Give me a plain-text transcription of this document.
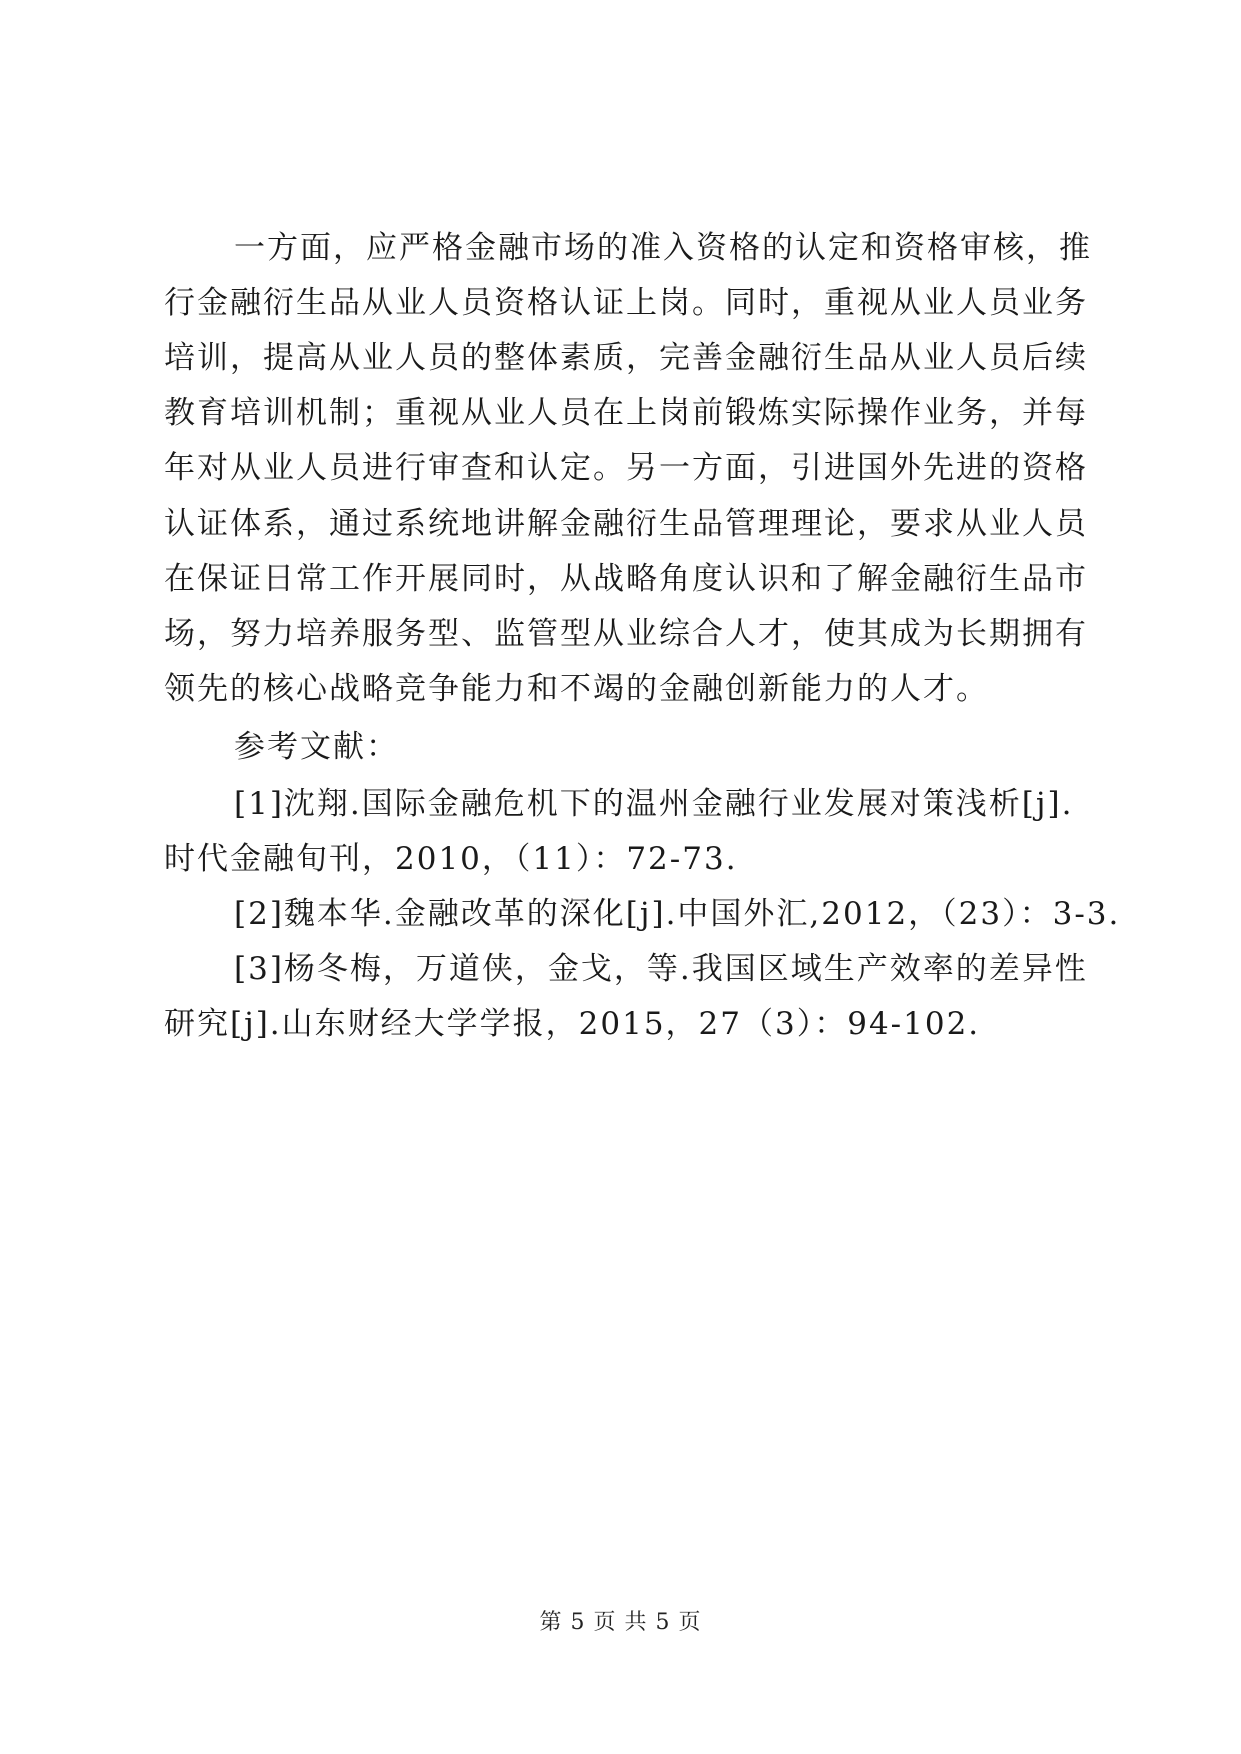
一方面，应严格金融市场的准入资格的认定和资格审核，推
行金融衍生品从业人员资格认证上岗。同时，重视从业人员业务
培训，提高从业人员的整体素质，完善金融衍生品从业人员后续
教育培训机制；重视从业人员在上岗前锻炼实际操作业务，并每
年对从业人员进行审查和认定。另一方面，引进国外先进的资格
认证体系，通过系统地讲解金融衍生品管理理论，要求从业人员
在保证日常工作开展同时，从战略角度认识和了解金融衍生品市
场，努力培养服务型、监管型从业综合人才，使其成为长期拥有
领先的核心战略竞争能力和不竭的金融创新能力的人才。
参考文献：
[1]沈翔.国际金融危机下的温州金融行业发展对策浅析[j].
时代金融旬刊，2010，（11）：72-73.
[2]魏本华.金融改革的深化[j].中国外汇,2012，（23）：3-3.
[3]杨冬梅，万道侠，金戈，等.我国区域生产效率的差异性
研究[j].山东财经大学学报，2015，27（3）：94-102.
第 5 页 共 5 页
